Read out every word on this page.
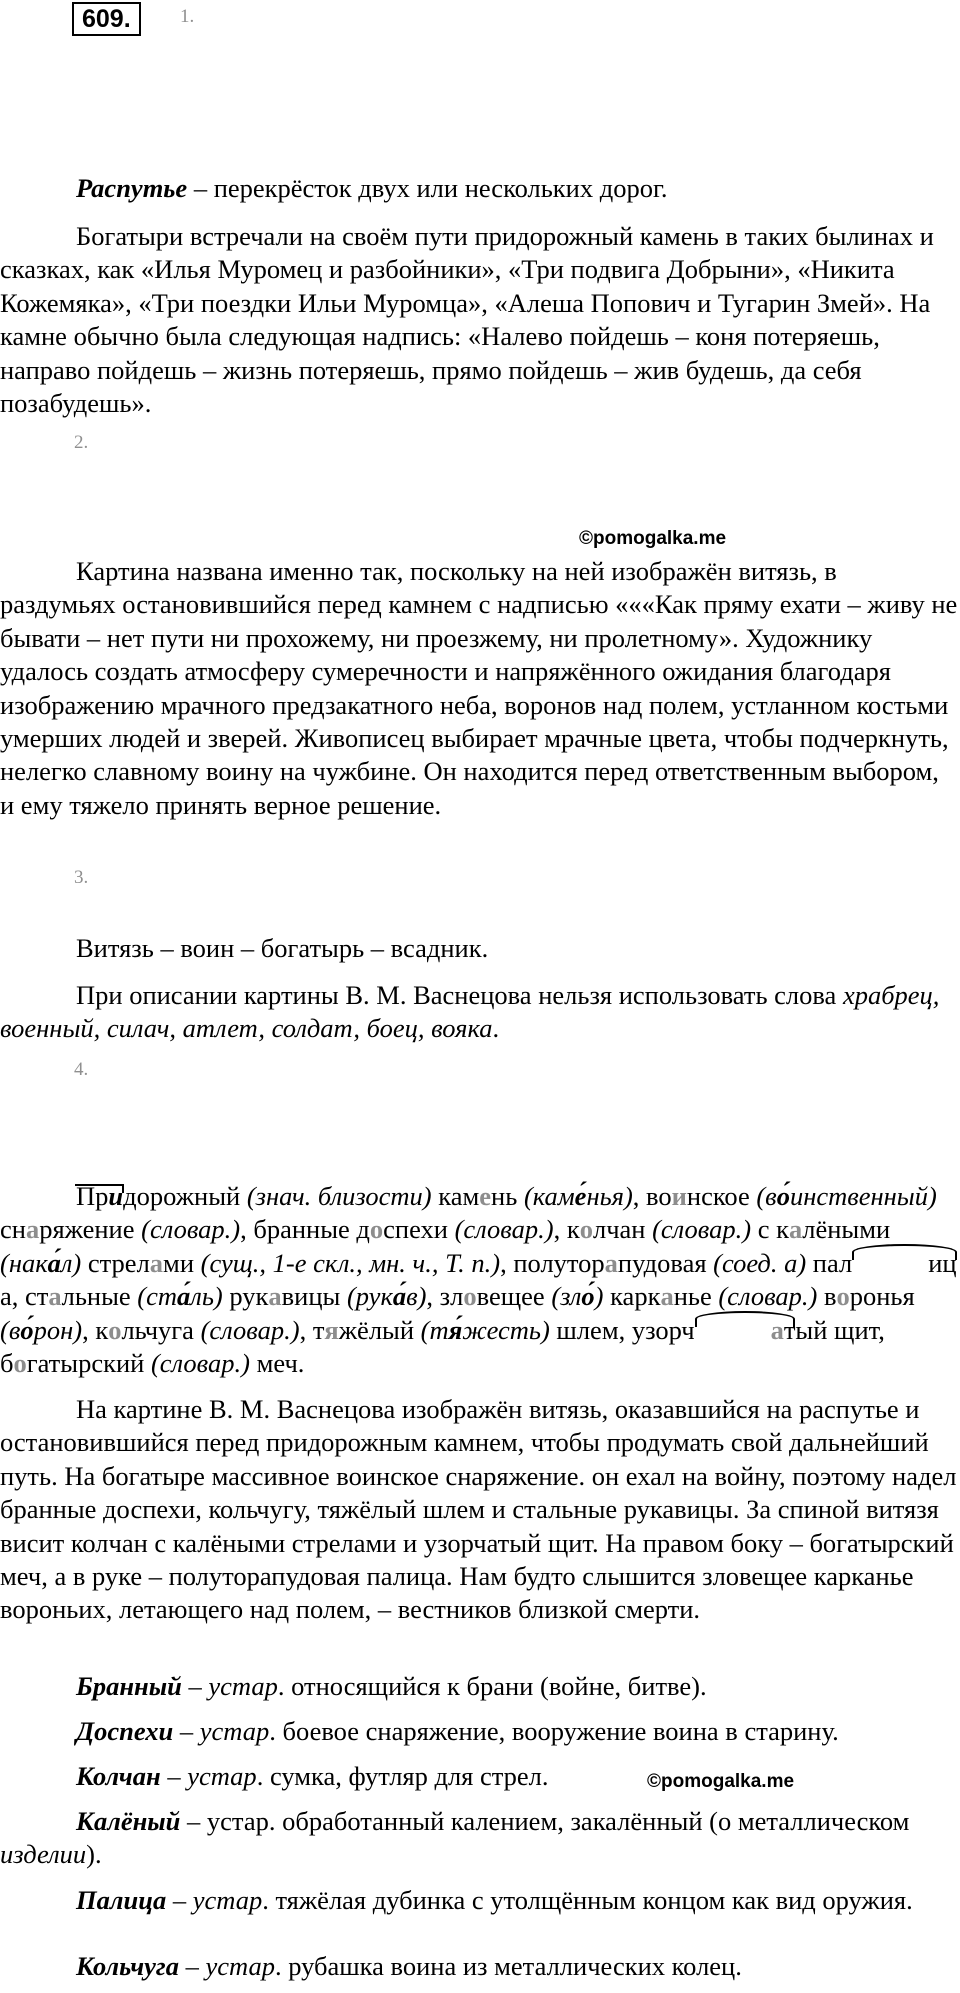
609.	1.

Распутье – перекрёсток двух или нескольких дорог.

Богатыри встречали на своём пути придорожный камень в таких былинах и сказках, как «Илья Муромец и разбойники», «Три подвига Добрыни», «Никита Кожемяка», «Три поездки Ильи Муромца», «Алеша Попович и Тугарин Змей». На камне обычно была следующая надпись: «Налево пойдешь – коня потеряешь, направо пойдешь – жизнь потеряешь, прямо пойдешь – жив будешь, да себя позабудешь».

2.
©pomogalka.me

Картина названа именно так, поскольку на ней изображён витязь, в раздумьях остановившийся перед камнем с надписью «««Как пряму ехати – живу не бывати – нет пути ни прохожему, ни проезжему, ни пролетному». Художнику удалось создать атмосферу сумеречности и напряжённого ожидания благодаря изображению мрачного предзакатного неба, воронов над полем, устланном костьми умерших людей и зверей. Живописец выбирает мрачные цвета, чтобы подчеркнуть, нелегко славному воину на чужбине. Он находится перед ответственным выбором, и ему тяжело принять верное решение.

3.

Витязь – воин – богатырь – всадник.

При описании картины В. М. Васнецова нельзя использовать слова храбрец, военный, силач, атлет, солдат, боец, вояка.

4.

Придорожный (знач. близости) камень (каме́нья), воинское (во́инственный) снаряжение (словар.), бранные доспехи (словар.), колчан (словар.) с калёными (нака́л) стрелами (сущ., 1-е скл., мн. ч., Т. п.), полуторапудовая (соед. а) пал	ица, стальные (ста́ль) рукавицы (рука́в), зловещее (зло́) карканье (словар.) воронья (во́рон), кольчуга (словар.), тяжёлый (тя́жесть) шлем, узорч	атый щит, богатырский (словар.) меч.

На картине В. М. Васнецова изображён витязь, оказавшийся на распутье и остановившийся перед придорожным камнем, чтобы продумать свой дальнейший путь. На богатыре массивное воинское снаряжение. он ехал на войну, поэтому надел бранные доспехи, кольчугу, тяжёлый шлем и стальные рукавицы. За спиной витязя висит колчан с калёными стрелами и узорчатый щит. На правом боку – богатырский меч, а в руке – полуторапудовая палица. Нам будто слышится зловещее карканье вороньих, летающего над полем, – вестников близкой смерти.

Бранный – устар. относящийся к брани (войне, битве).

Доспехи – устар. боевое снаряжение, вооружение воина в старину.

Колчан – устар. сумка, футляр для стрел.	©pomogalka.me

Калёный – устар. обработанный калением, закалённый (о металлическом изделии).

Палица – устар. тяжёлая дубинка с утолщённым концом как вид оружия.

Кольчуга – устар. рубашка воина из металлических колец.
